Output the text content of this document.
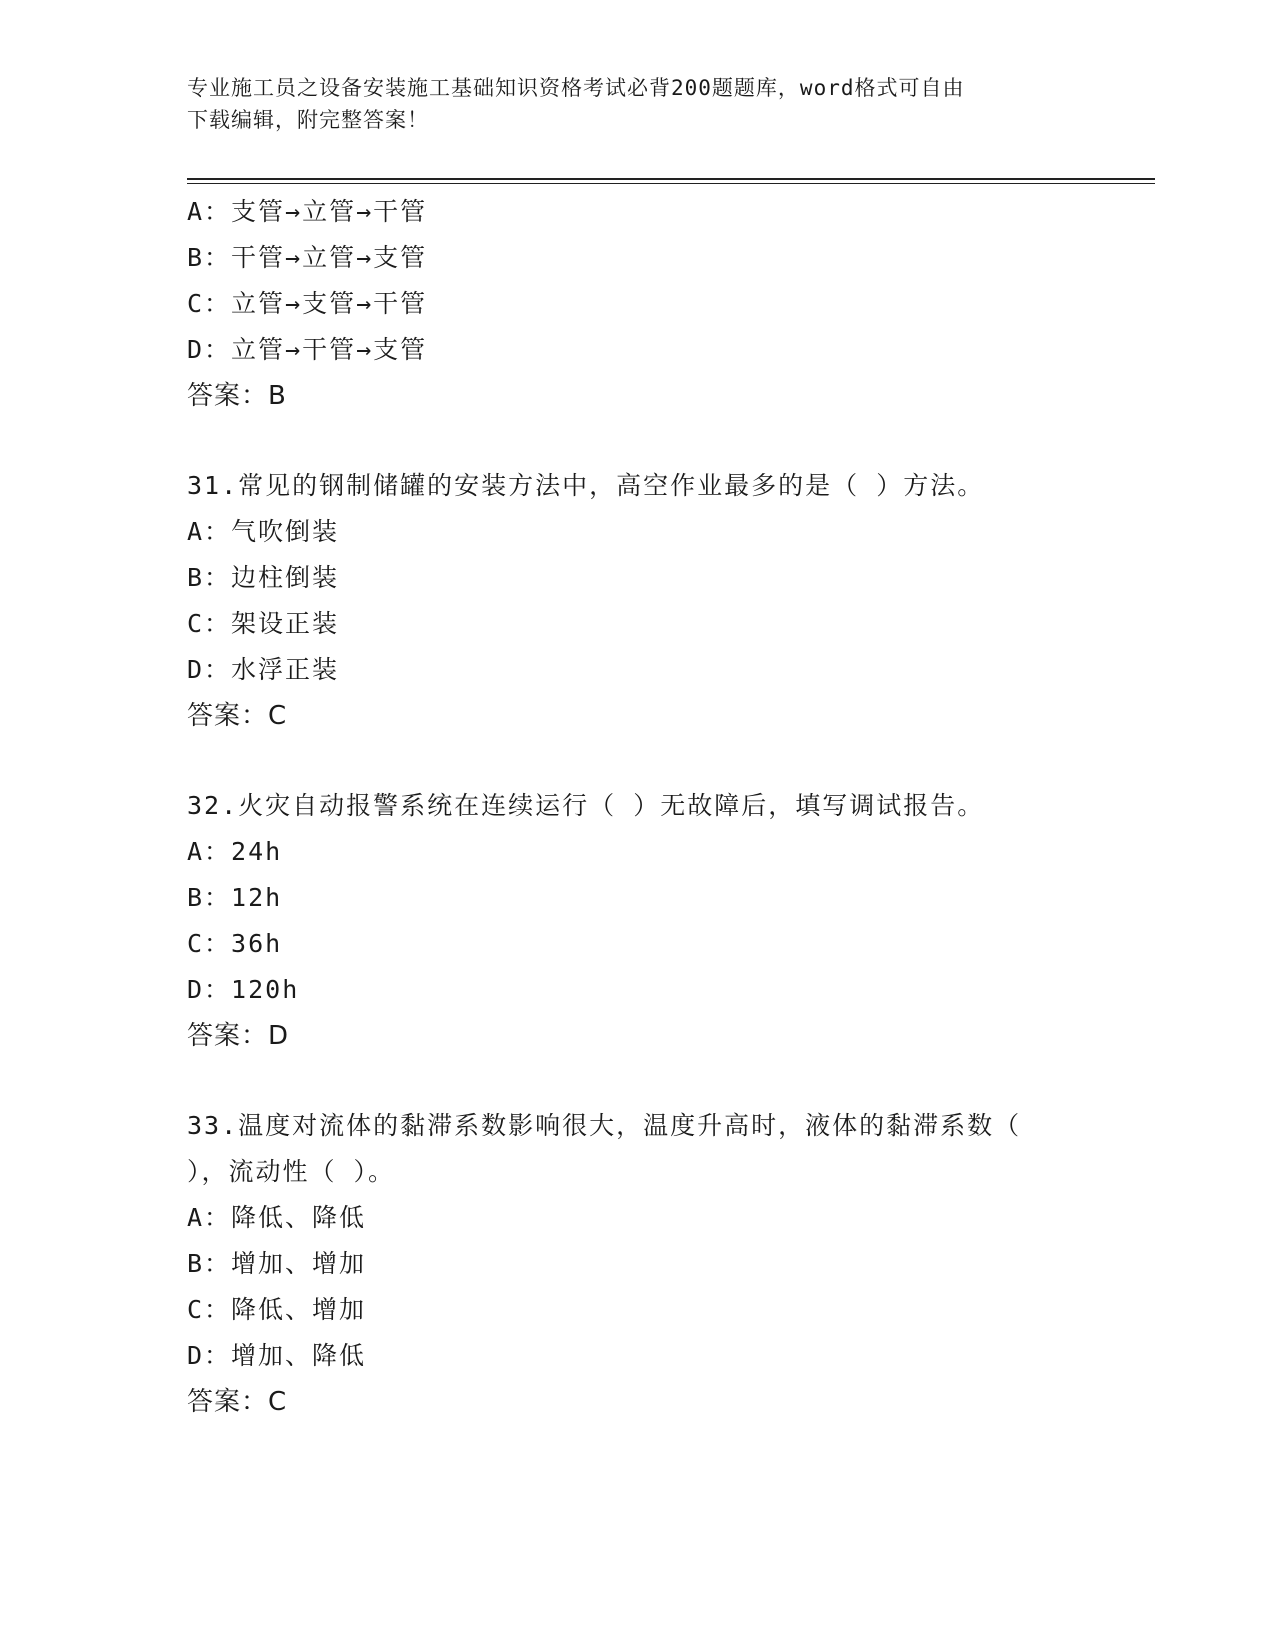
专业施工员之设备安装施工基础知识资格考试必背200题题库，word格式可自由
下载编辑，附完整答案！

A：支管→立管→干管

B：干管→立管→支管

C：立管→支管→干管

D：立管→干管→支管

答案：B

31.常见的钢制储罐的安装方法中，高空作业最多的是（ ）方法。

A：气吹倒装

B：边柱倒装

C：架设正装

D：水浮正装

答案：C

32.火灾自动报警系统在连续运行（ ）无故障后，填写调试报告。

A：24h

B：12h

C：36h

D：120h

答案：D

33.温度对流体的黏滞系数影响很大，温度升高时，液体的黏滞系数（

），流动性（ ）。

A：降低、降低

B：增加、增加

C：降低、增加

D：增加、降低

答案：C
